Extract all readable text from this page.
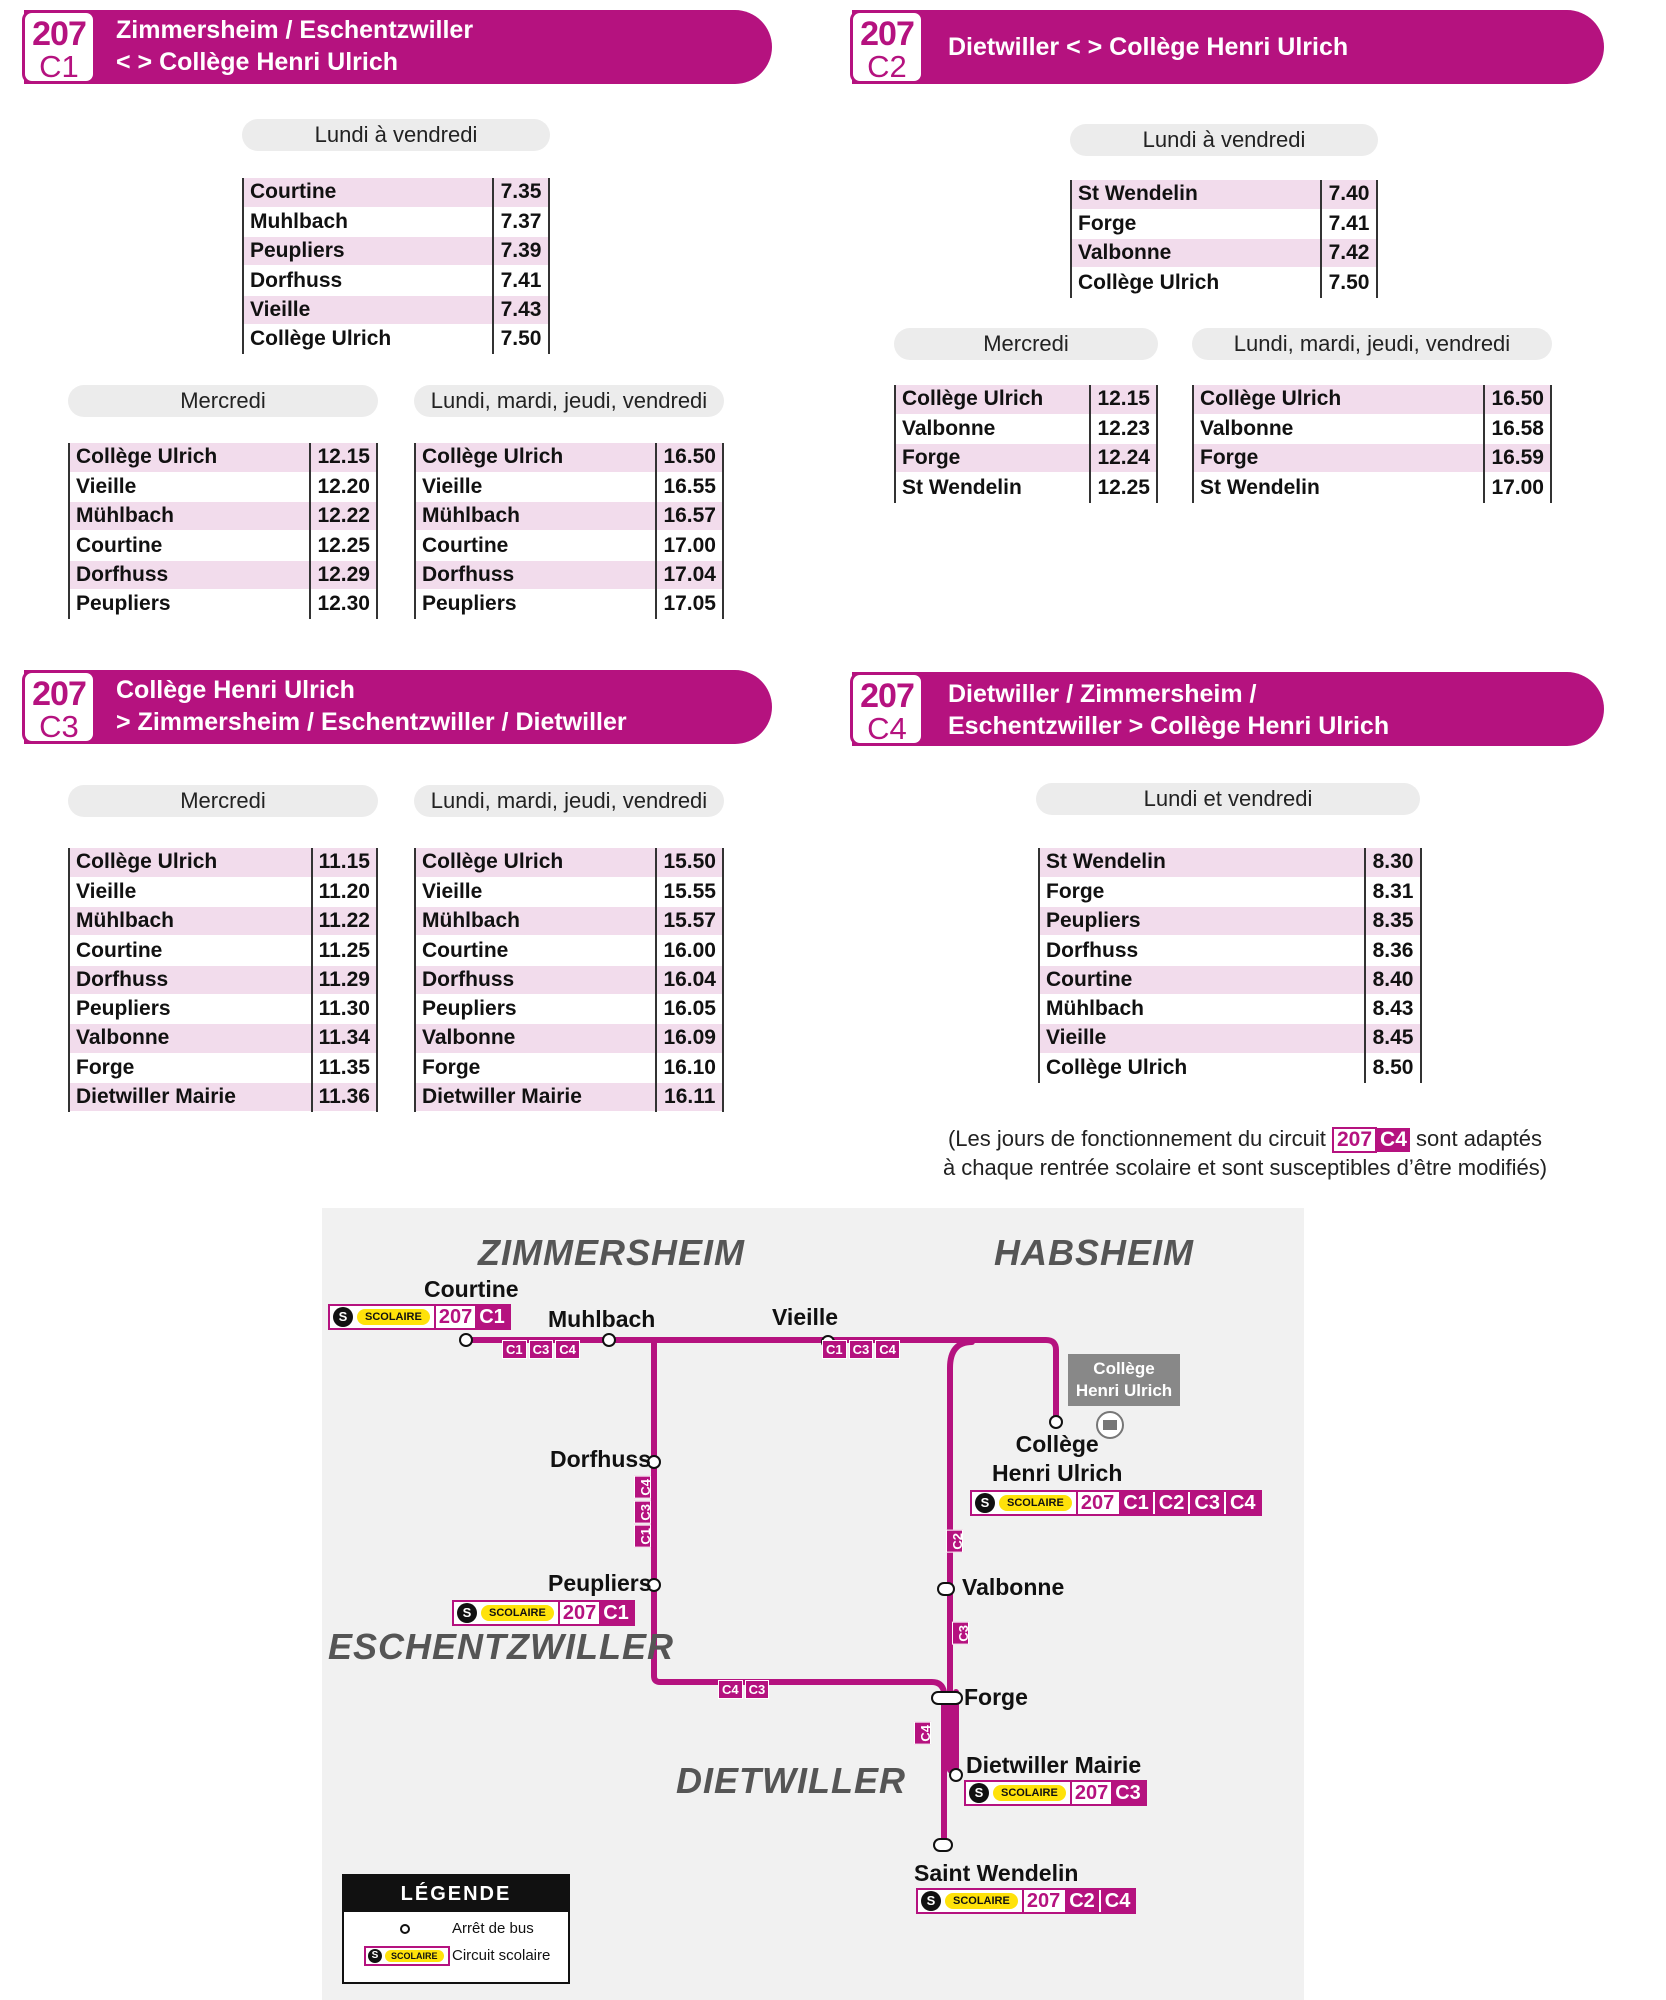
207
C1
Zimmersheim / Eschentzwiller
< > Collège Henri Ulrich
Lundi à vendredi
Courtine	7.35
Muhlbach	7.37
Peupliers	7.39
Dorfhuss	7.41
Vieille	7.43
Collège Ulrich	7.50
Mercredi
Collège Ulrich	12.15
Vieille	12.20
Mühlbach	12.22
Courtine	12.25
Dorfhuss	12.29
Peupliers	12.30
Lundi, mardi, jeudi, vendredi
Collège Ulrich	16.50
Vieille	16.55
Mühlbach	16.57
Courtine	17.00
Dorfhuss	17.04
Peupliers	17.05
207
C2
Dietwiller < > Collège Henri Ulrich
Lundi à vendredi
St Wendelin	7.40
Forge	7.41
Valbonne	7.42
Collège Ulrich	7.50
Mercredi
Collège Ulrich	12.15
Valbonne	12.23
Forge	12.24
St Wendelin	12.25
Lundi, mardi, jeudi, vendredi
Collège Ulrich	16.50
Valbonne	16.58
Forge	16.59
St Wendelin	17.00
207
C3
Collège Henri Ulrich
> Zimmersheim / Eschentzwiller / Dietwiller
Mercredi
Collège Ulrich	11.15
Vieille	11.20
Mühlbach	11.22
Courtine	11.25
Dorfhuss	11.29
Peupliers	11.30
Valbonne	11.34
Forge	11.35
Dietwiller Mairie	11.36
Lundi, mardi, jeudi, vendredi
Collège Ulrich	15.50
Vieille	15.55
Mühlbach	15.57
Courtine	16.00
Dorfhuss	16.04
Peupliers	16.05
Valbonne	16.09
Forge	16.10
Dietwiller Mairie	16.11
207
C4
Dietwiller / Zimmersheim /
Eschentzwiller > Collège Henri Ulrich
Lundi et vendredi
St Wendelin	8.30
Forge	8.31
Peupliers	8.35
Dorfhuss	8.36
Courtine	8.40
Mühlbach	8.43
Vieille	8.45
Collège Ulrich	8.50
(Les jours de fonctionnement du circuit 207 C4 sont adaptés
à chaque rentrée scolaire et sont susceptibles d’être modifiés)
ZIMMERSHEIM	HABSHEIM
ESCHENTZWILLER
DIETWILLER
Collège
Henri Ulrich
Courtine
Muhlbach	Vieille
Collège
Henri Ulrich
Dorfhuss
Peupliers	Valbonne
Forge
Dietwiller Mairie
Saint Wendelin
S	SCOLAIRE 207 C1
S	SCOLAIRE 207 C1 C2 C3 C4
S	SCOLAIRE 207 C1
S	SCOLAIRE 207 C3
S	SCOLAIRE 207 C2 C4
C1 C3 C4	C1 C3 C4
C4
C3
C1
C4 C3
C2
C3
C4
LÉGENDE
Arrêt de bus
S	SCOLAIRE Circuit scolaire
